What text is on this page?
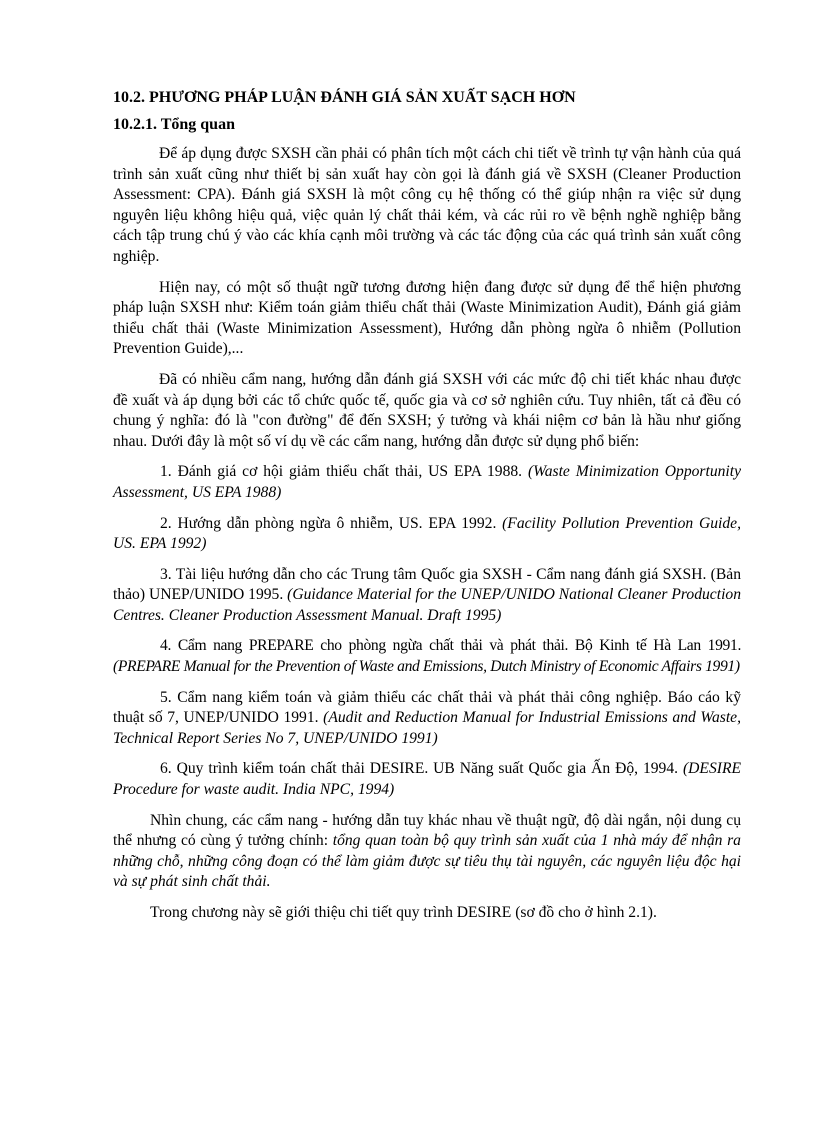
10.2. PHƯƠNG PHÁP LUẬN ĐÁNH GIÁ SẢN XUẤT SẠCH HƠN
10.2.1. Tổng quan

Để áp dụng được SXSH cần phải có phân tích một cách chi tiết về trình tự vận hành của quá trình sản xuất cũng như thiết bị sản xuất hay còn gọi là đánh giá về SXSH (Cleaner Production Assessment: CPA). Đánh giá SXSH là một công cụ hệ thống có thể giúp nhận ra việc sử dụng nguyên liệu không hiệu quả, việc quản lý chất thải kém, và các rủi ro về bệnh nghề nghiệp bằng cách tập trung chú ý vào các khía cạnh môi trường và các tác động của các quá trình sản xuất công nghiệp.

Hiện nay, có một số thuật ngữ tương đương hiện đang được sử dụng để thể hiện phương pháp luận SXSH như: Kiểm toán giảm thiểu chất thải (Waste Minimization Audit), Đánh giá giảm thiểu chất thải (Waste Minimization Assessment), Hướng dẫn phòng ngừa ô nhiễm (Pollution Prevention Guide),...

Đã có nhiều cẩm nang, hướng dẫn đánh giá SXSH với các mức độ chi tiết khác nhau được đề xuất và áp dụng bởi các tổ chức quốc tế, quốc gia và cơ sở nghiên cứu. Tuy nhiên, tất cả đều có chung ý nghĩa: đó là "con đường" để đến SXSH; ý tưởng và khái niệm cơ bản là hầu như giống nhau. Dưới đây là một số ví dụ về các cẩm nang, hướng dẫn được sử dụng phổ biến:

1. Đánh giá cơ hội giảm thiểu chất thải, US EPA 1988. (Waste Minimization Opportunity Assessment, US EPA 1988)

2. Hướng dẫn phòng ngừa ô nhiễm, US. EPA 1992. (Facility Pollution Prevention Guide, US. EPA 1992)

3. Tài liệu hướng dẫn cho các Trung tâm Quốc gia SXSH - Cẩm nang đánh giá SXSH. (Bản thảo) UNEP/UNIDO 1995. (Guidance Material for the UNEP/UNIDO National Cleaner Production Centres. Cleaner Production Assessment Manual. Draft 1995)

4. Cẩm nang PREPARE cho phòng ngừa chất thải và phát thải. Bộ Kinh tế Hà Lan 1991. (PREPARE Manual for the Prevention of Waste and Emissions, Dutch Ministry of Economic Affairs 1991)

5. Cẩm nang kiểm toán và giảm thiểu các chất thải và phát thải công nghiệp. Báo cáo kỹ thuật số 7, UNEP/UNIDO 1991. (Audit and Reduction Manual for Industrial Emissions and Waste, Technical Report Series No 7, UNEP/UNIDO 1991)

6. Quy trình kiểm toán chất thải DESIRE. UB Năng suất Quốc gia Ấn Độ, 1994. (DESIRE Procedure for waste audit. India NPC, 1994)

Nhìn chung, các cẩm nang - hướng dẫn tuy khác nhau về thuật ngữ, độ dài ngắn, nội dung cụ thể nhưng có cùng ý tưởng chính: tổng quan toàn bộ quy trình sản xuất của 1 nhà máy để nhận ra những chỗ, những công đoạn có thể làm giảm được sự tiêu thụ tài nguyên, các nguyên liệu độc hại và sự phát sinh chất thải.

Trong chương này sẽ giới thiệu chi tiết quy trình DESIRE (sơ đồ cho ở hình 2.1).
